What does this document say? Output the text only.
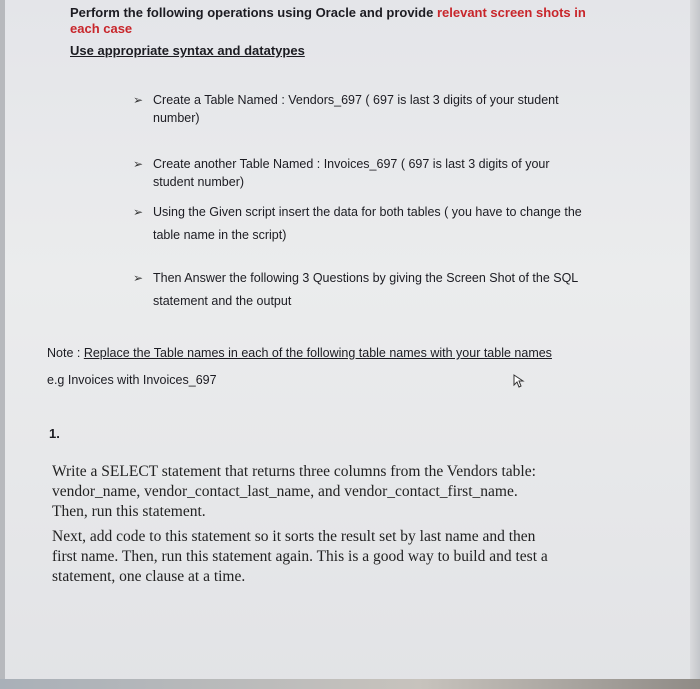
Perform the following operations using Oracle and provide relevant screen shots in
each case
Use appropriate syntax and datatypes
➢ Create a Table Named : Vendors_697 ( 697 is last 3 digits of your student
number)
➢ Create another Table Named : Invoices_697 ( 697 is last 3 digits of your
student number)
➢ Using the Given script insert the data for both tables ( you have to change the
table name in the script)
➢ Then Answer the following 3 Questions by giving the Screen Shot of the SQL
statement and the output
Note : Replace the Table names in each of the following table names with your table names
e.g Invoices with Invoices_697
1.
Write a SELECT statement that returns three columns from the Vendors table:
vendor_name, vendor_contact_last_name, and vendor_contact_first_name.
Then, run this statement.
Next, add code to this statement so it sorts the result set by last name and then
first name. Then, run this statement again. This is a good way to build and test a
statement, one clause at a time.
